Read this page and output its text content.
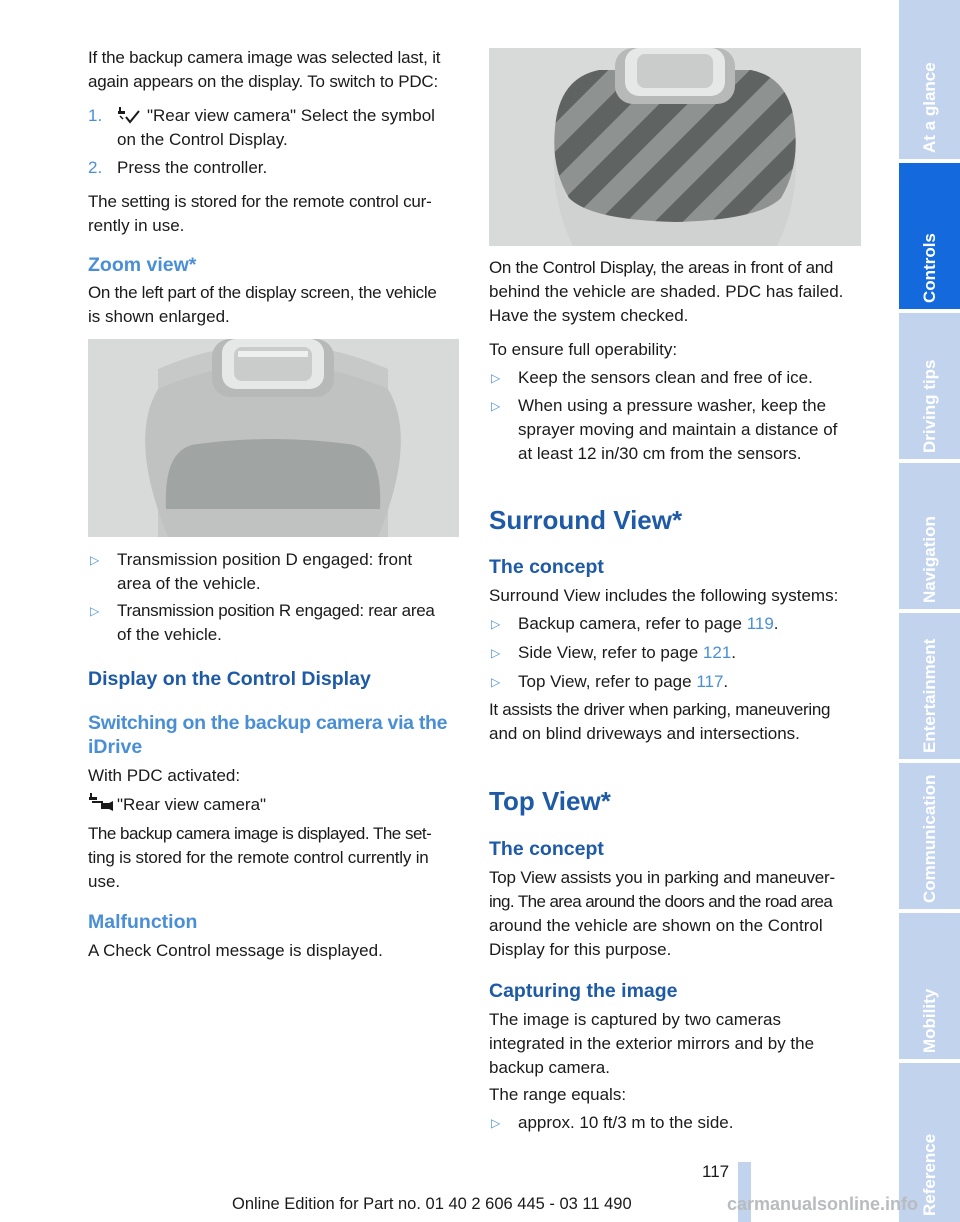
If the backup camera image was selected last, it

again appears on the display. To switch to PDC:

1.	"Rear view camera" Select the symbol
on the Control Display.
2. Press the controller.

The setting is stored for the remote control cur-

rently in use.

Zoom view*

On the left part of the display screen, the vehicle

is shown enlarged.

▷ Transmission position D engaged: front
area of the vehicle.
▷ Transmission position R engaged: rear area
of the vehicle.
Display on the Control Display
Switching on the backup camera via the
iDrive

With PDC activated:

"Rear view camera"

The backup camera image is displayed. The set-

ting is stored for the remote control currently in

use.

Malfunction

A Check Control message is displayed.

On the Control Display, the areas in front of and

behind the vehicle are shaded. PDC has failed.

Have the system checked.

To ensure full operability:

▷ Keep the sensors clean and free of ice.
▷ When using a pressure washer, keep the
sprayer moving and maintain a distance of
at least 12 in/30 cm from the sensors.
Surround View*
The concept

Surround View includes the following systems:

▷ Backup camera, refer to page 119.
▷ Side View, refer to page 121.
▷ Top View, refer to page 117.

It assists the driver when parking, maneuvering

and on blind driveways and intersections.

Top View*
The concept

Top View assists you in parking and maneuver-

ing. The area around the doors and the road area

around the vehicle are shown on the Control

Display for this purpose.

Capturing the image

The image is captured by two cameras

integrated in the exterior mirrors and by the

backup camera.

The range equals:

▷ approx. 10 ft/3 m to the side.
At a glance
Controls
Driving tips
Navigation
Entertainment
Communication
Mobility
Reference
117
Online Edition for Part no. 01 40 2 606 445 - 03 11 490	carmanualsonline.info
